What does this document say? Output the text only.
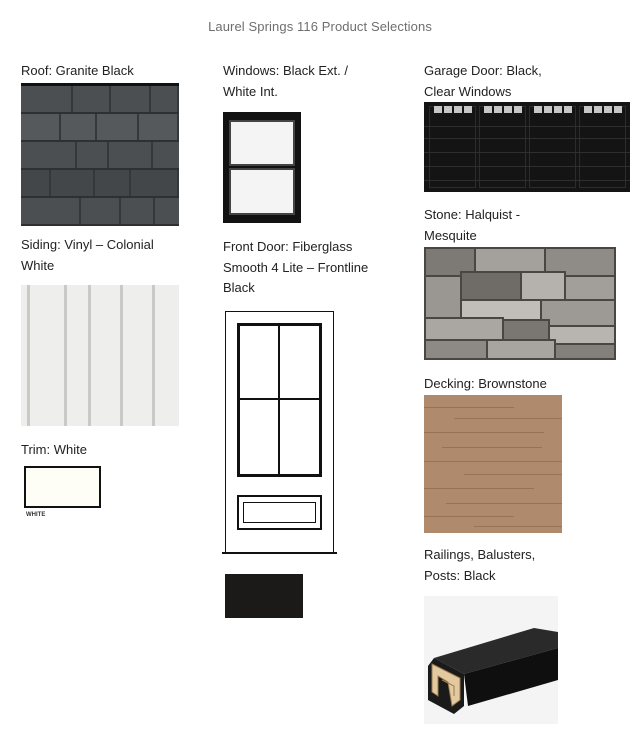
Laurel Springs 116 Product Selections
Roof: Granite Black
Siding: Vinyl – Colonial
White
Trim: White
WHITE
Windows: Black Ext. /
White Int.
Front Door: Fiberglass
Smooth 4 Lite – Frontline
Black
Garage Door: Black,
Clear Windows
Stone: Halquist -
Mesquite
Decking: Brownstone
Railings, Balusters,
Posts: Black
